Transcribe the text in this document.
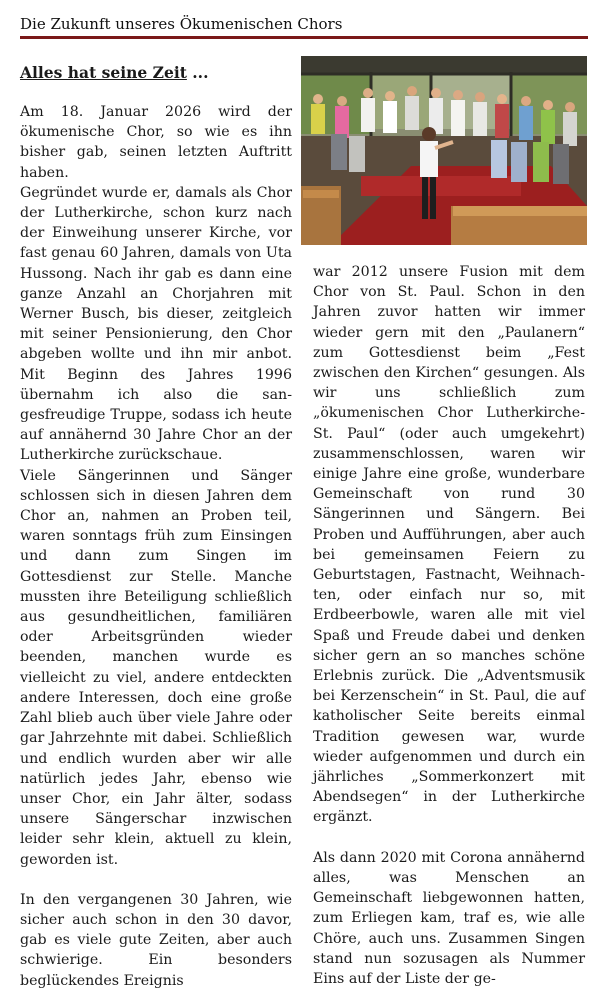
Die Zukunft unseres Ökumenischen Chors

Alles hat seine Zeit ...

Am 18. Januar 2026 wird der ökumenische Chor, so wie es ihn bisher gab, seinen letzten Auftritt haben.

Gegründet wurde er, damals als Chor der Lutherkirche, schon kurz nach der Einweihung unserer Kirche, vor fast genau 60 Jahren, damals von Uta Hussong. Nach ihr gab es dann eine ganze Anzahl an Chorjahren mit Werner Busch, bis dieser, zeitgleich mit seiner Pensionierung, den Chor abgeben wollte und ihn mir anbot. Mit Beginn des Jahres 1996 übernahm ich also die sangesfreudige Truppe, sodass ich heute auf annähernd 30 Jahre Chor an der Lutherkirche zurückschaue.

Viele Sängerinnen und Sänger schlossen sich in diesen Jahren dem Chor an, nahmen an Proben teil, waren sonntags früh zum Einsingen und dann zum Singen im Gottesdienst zur Stelle. Manche mussten ihre Beteiligung schließlich aus gesundheitlichen, familiären oder Arbeitsgründen wieder beenden, manchen wurde es vielleicht zu viel, andere entdeckten andere Interessen, doch eine große Zahl blieb auch über viele Jahre oder gar Jahrzehnte mit dabei. Schließlich und endlich wurden aber wir alle natürlich jedes Jahr, ebenso wie unser Chor, ein Jahr älter, sodass unsere Sängerschar inzwischen leider sehr klein, aktuell zu klein, geworden ist.

In den vergangenen 30 Jahren, wie sicher auch schon in den 30 davor, gab es viele gute Zeiten, aber auch schwierige. Ein besonders beglückendes Ereignis

war 2012 unsere Fusion mit dem Chor von St. Paul. Schon in den Jahren zuvor hatten wir immer wieder gern mit den „Paulanern“ zum Gottesdienst beim „Fest zwischen den Kirchen“ gesungen. Als wir uns schließlich zum „ökumenischen Chor Lutherkirche-St. Paul“ (oder auch umgekehrt) zusammenschlossen, waren wir einige Jahre eine große, wunderbare Gemeinschaft von rund 30 Sängerinnen und Sängern. Bei Proben und Aufführungen, aber auch bei gemeinsamen Feiern zu Geburtstagen, Fastnacht, Weihnachten, oder einfach nur so, mit Erdbeerbowle, waren alle mit viel Spaß und Freude dabei und denken sicher gern an so manches schöne Erlebnis zurück. Die „Adventsmusik bei Kerzenschein“ in St. Paul, die auf katholischer Seite bereits einmal Tradition gewesen war, wurde wieder aufgenommen und durch ein jährliches „Sommerkonzert mit Abendsegen“ in der Lutherkirche ergänzt.

Als dann 2020 mit Corona annähernd alles, was Menschen an Gemeinschaft liebgewonnen hatten, zum Erliegen kam, traf es, wie alle Chöre, auch uns. Zusammen Singen stand nun sozusagen als Nummer Eins auf der Liste der ge-
